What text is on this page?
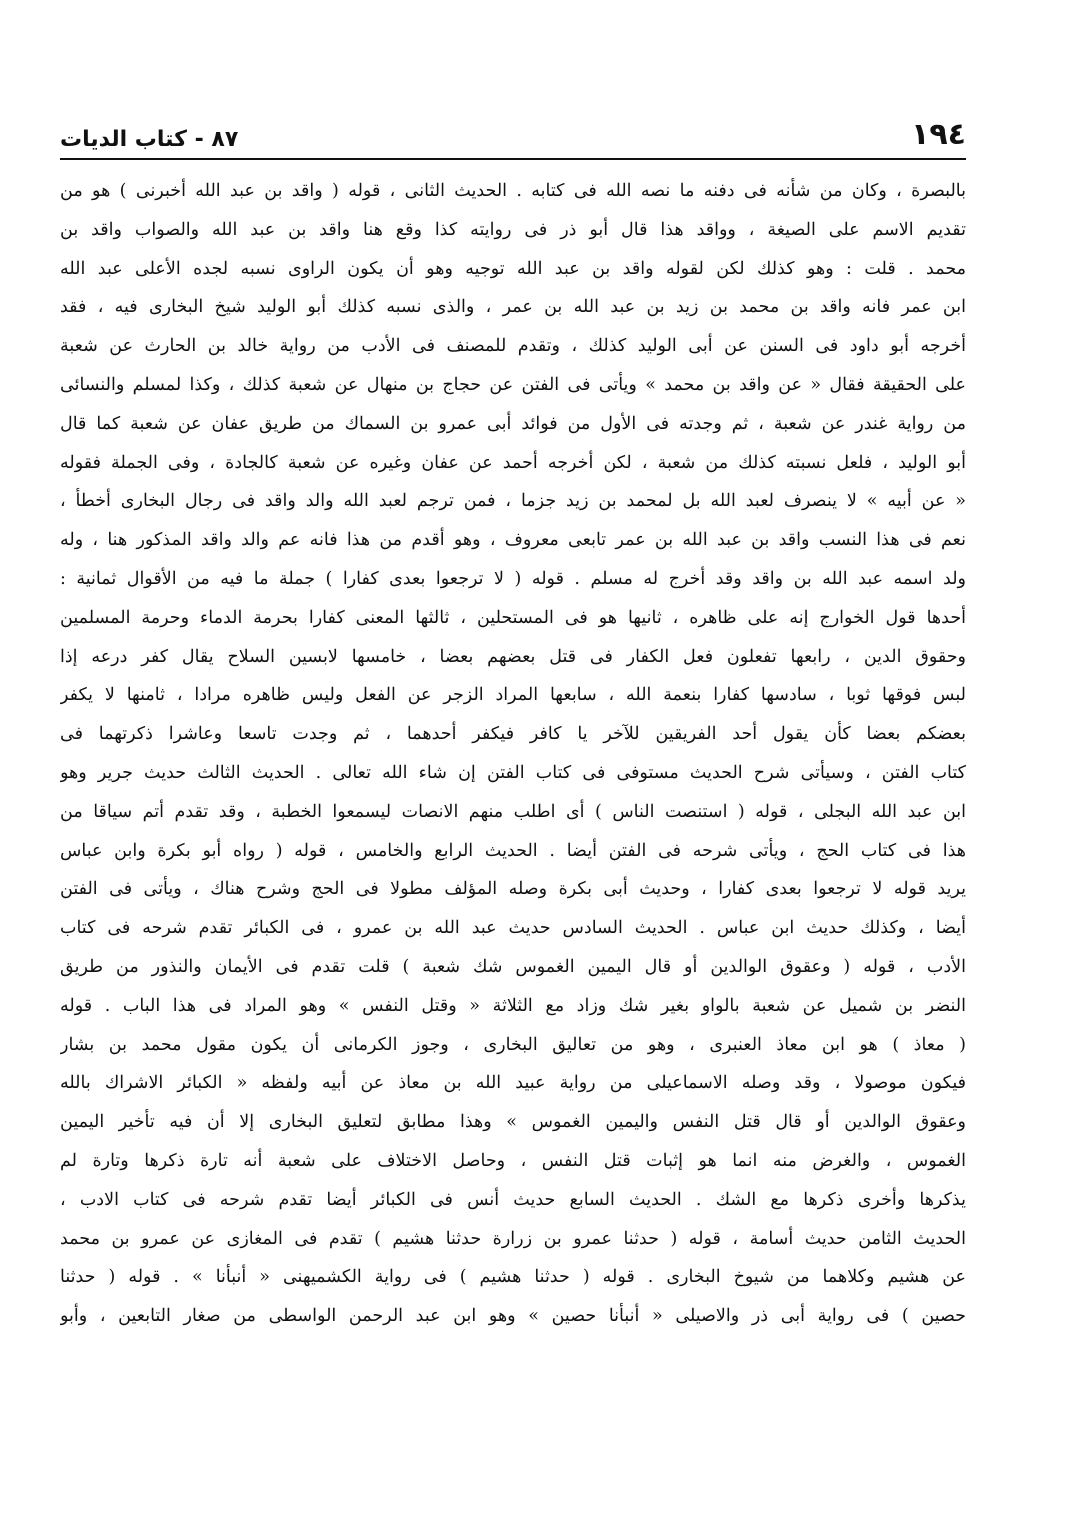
١٩٤
٨٧ - كتاب الديات
بالبصرة ، وكان من شأنه فى دفنه ما نصه الله فى كتابه . الحديث الثانى ، قوله ( واقد بن عبد الله أخبرنى ) هو من
تقديم الاسم على الصيغة ، وواقد هذا قال أبو ذر فى روايته كذا وقع هنا واقد بن عبد الله والصواب واقد بن
محمد . قلت : وهو كذلك لكن لقوله واقد بن عبد الله توجيه وهو أن يكون الراوى نسبه لجده الأعلى عبد الله
ابن عمر فانه واقد بن محمد بن زيد بن عبد الله بن عمر ، والذى نسبه كذلك أبو الوليد شيخ البخارى فيه ، فقد
أخرجه أبو داود فى السنن عن أبى الوليد كذلك ، وتقدم للمصنف فى الأدب من رواية خالد بن الحارث عن شعبة
على الحقيقة فقال « عن واقد بن محمد » ويأتى فى الفتن عن حجاج بن منهال عن شعبة كذلك ، وكذا لمسلم والنسائى
من رواية غندر عن شعبة ، ثم وجدته فى الأول من فوائد أبى عمرو بن السماك من طريق عفان عن شعبة كما قال
أبو الوليد ، فلعل نسبته كذلك من شعبة ، لكن أخرجه أحمد عن عفان وغيره عن شعبة كالجادة ، وفى الجملة فقوله
« عن أبيه » لا ينصرف لعبد الله بل لمحمد بن زيد جزما ، فمن ترجم لعبد الله والد واقد فى رجال البخارى أخطأ ،
نعم فى هذا النسب واقد بن عبد الله بن عمر تابعى معروف ، وهو أقدم من هذا فانه عم والد واقد المذكور هنا ، وله
ولد اسمه عبد الله بن واقد وقد أخرج له مسلم . قوله ( لا ترجعوا بعدى كفارا ) جملة ما فيه من الأقوال ثمانية :
أحدها قول الخوارج إنه على ظاهره ، ثانيها هو فى المستحلين ، ثالثها المعنى كفارا بحرمة الدماء وحرمة المسلمين
وحقوق الدين ، رابعها تفعلون فعل الكفار فى قتل بعضهم بعضا ، خامسها لابسين السلاح يقال كفر درعه إذا
لبس فوقها ثوبا ، سادسها كفارا بنعمة الله ، سابعها المراد الزجر عن الفعل وليس ظاهره مرادا ، ثامنها لا يكفر
بعضكم بعضا كأن يقول أحد الفريقين للآخر يا كافر فيكفر أحدهما ، ثم وجدت تاسعا وعاشرا ذكرتهما فى
كتاب الفتن ، وسيأتى شرح الحديث مستوفى فى كتاب الفتن إن شاء الله تعالى . الحديث الثالث حديث جرير وهو
ابن عبد الله البجلى ، قوله ( استنصت الناس ) أى اطلب منهم الانصات ليسمعوا الخطبة ، وقد تقدم أتم سياقا من
هذا فى كتاب الحج ، ويأتى شرحه فى الفتن أيضا . الحديث الرابع والخامس ، قوله ( رواه أبو بكرة وابن عباس
يريد قوله لا ترجعوا بعدى كفارا ، وحديث أبى بكرة وصله المؤلف مطولا فى الحج وشرح هناك ، ويأتى فى الفتن
أيضا ، وكذلك حديث ابن عباس . الحديث السادس حديث عبد الله بن عمرو ، فى الكبائر تقدم شرحه فى كتاب
الأدب ، قوله ( وعقوق الوالدين أو قال اليمين الغموس شك شعبة ) قلت تقدم فى الأيمان والنذور من طريق
النضر بن شميل عن شعبة بالواو بغير شك وزاد مع الثلاثة « وقتل النفس » وهو المراد فى هذا الباب . قوله
( معاذ ) هو ابن معاذ العنبرى ، وهو من تعاليق البخارى ، وجوز الكرمانى أن يكون مقول محمد بن بشار
فيكون موصولا ، وقد وصله الاسماعيلى من رواية عبيد الله بن معاذ عن أبيه ولفظه « الكبائر الاشراك بالله
وعقوق الوالدين أو قال قتل النفس واليمين الغموس » وهذا مطابق لتعليق البخارى إلا أن فيه تأخير اليمين
الغموس ، والغرض منه انما هو إثبات قتل النفس ، وحاصل الاختلاف على شعبة أنه تارة ذكرها وتارة لم
يذكرها وأخرى ذكرها مع الشك . الحديث السابع حديث أنس فى الكبائر أيضا تقدم شرحه فى كتاب الادب ،
الحديث الثامن حديث أسامة ، قوله ( حدثنا عمرو بن زرارة حدثنا هشيم ) تقدم فى المغازى عن عمرو بن محمد
عن هشيم وكلاهما من شيوخ البخارى . قوله ( حدثنا هشيم ) فى رواية الكشميهنى « أنبأنا » . قوله ( حدثنا
حصين ) فى رواية أبى ذر والاصيلى « أنبأنا حصين » وهو ابن عبد الرحمن الواسطى من صغار التابعين ، وأبو
